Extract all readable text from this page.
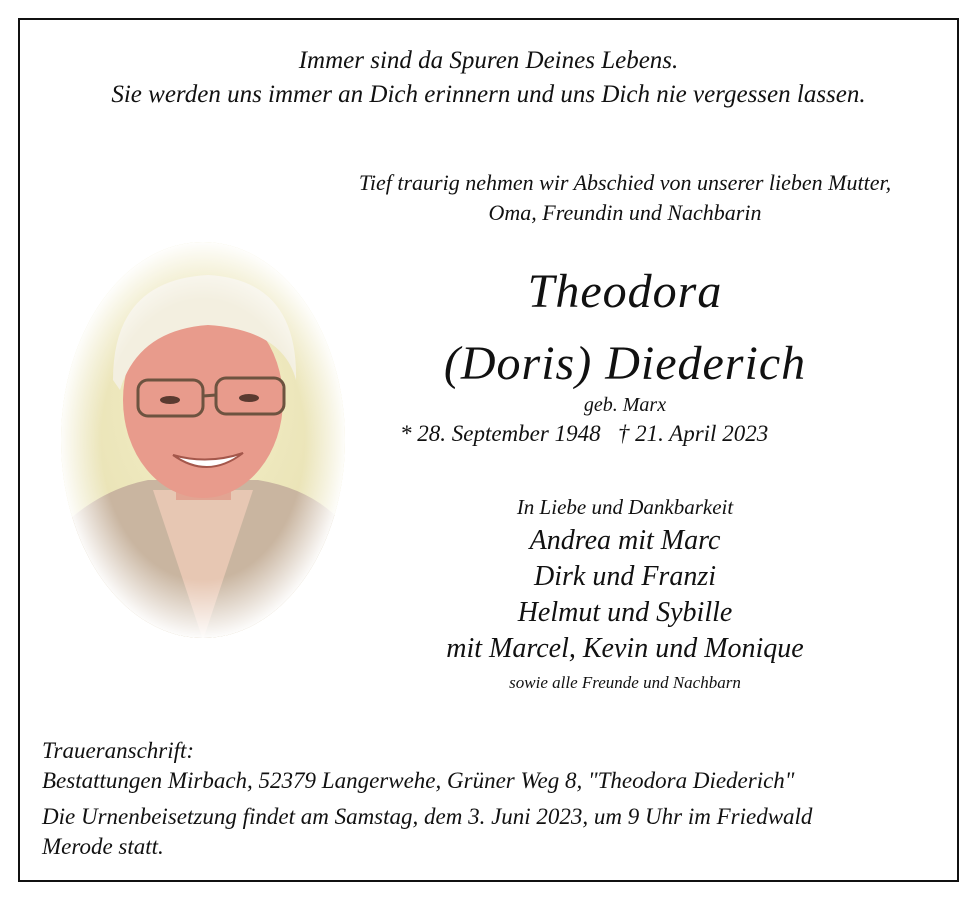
Immer sind da Spuren Deines Lebens.
Sie werden uns immer an Dich erinnern und uns Dich nie vergessen lassen.
Tief traurig nehmen wir Abschied von unserer lieben Mutter,
Oma, Freundin und Nachbarin
Theodora
(Doris) Diederich
geb. Marx
* 28. September 1948   † 21. April 2023
In Liebe und Dankbarkeit
Andrea mit Marc
Dirk und Franzi
Helmut und Sybille
mit Marcel, Kevin und Monique
sowie alle Freunde und Nachbarn
Traueranschrift:
Bestattungen Mirbach, 52379 Langerwehe, Grüner Weg 8, "Theodora Diederich"
Die Urnenbeisetzung findet am Samstag, dem 3. Juni 2023, um 9 Uhr im Friedwald
Merode statt.
